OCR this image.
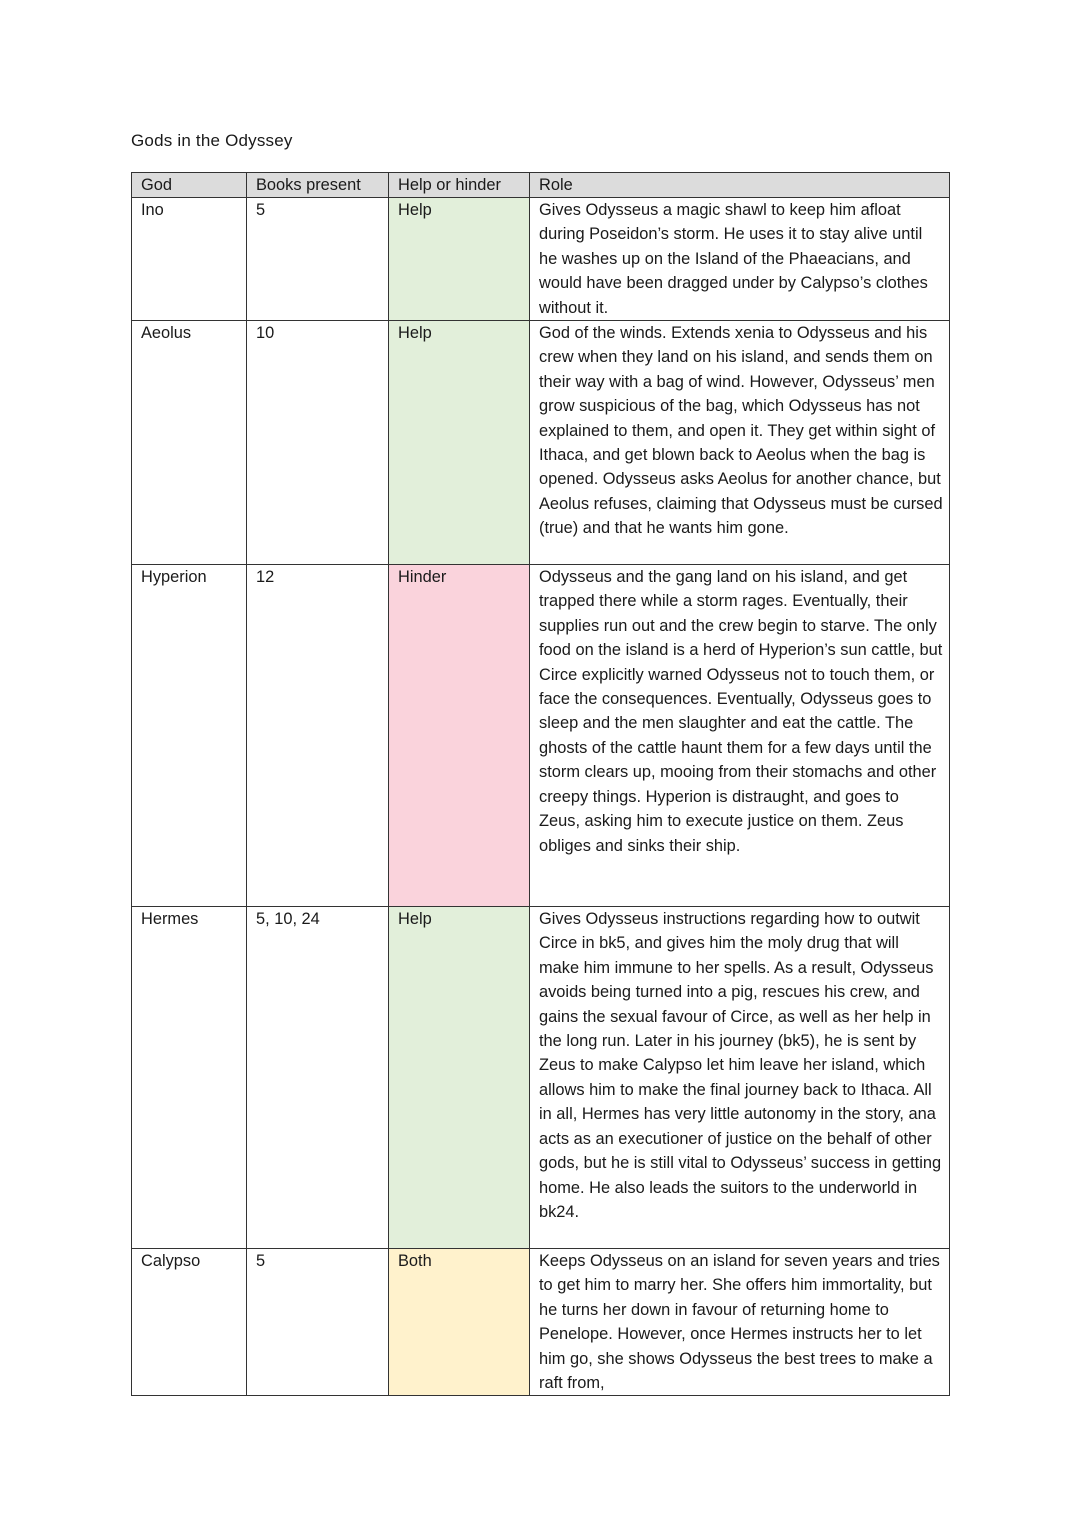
Gods in the Odyssey
God	Books present	Help or hinder	Role
Ino	5	Help	Gives Odysseus a magic shawl to keep him afloat during Poseidon’s storm. He uses it to stay alive until he washes up on the Island of the Phaeacians, and would have been dragged under by Calypso’s clothes without it.
Aeolus	10	Help	God of the winds. Extends xenia to Odysseus and his crew when they land on his island, and sends them on their way with a bag of wind. However, Odysseus’ men grow suspicious of the bag, which Odysseus has not explained to them, and open it. They get within sight of Ithaca, and get blown back to Aeolus when the bag is opened. Odysseus asks Aeolus for another chance, but Aeolus refuses, claiming that Odysseus must be cursed (true) and that he wants him gone.
Hyperion	12	Hinder	Odysseus and the gang land on his island, and get trapped there while a storm rages. Eventually, their supplies run out and the crew begin to starve. The only food on the island is a herd of Hyperion’s sun cattle, but Circe explicitly warned Odysseus not to touch them, or face the consequences. Eventually, Odysseus goes to sleep and the men slaughter and eat the cattle. The ghosts of the cattle haunt them for a few days until the storm clears up, mooing from their stomachs and other creepy things. Hyperion is distraught, and goes to Zeus, asking him to execute justice on them. Zeus obliges and sinks their ship.
Hermes	5, 10, 24	Help	Gives Odysseus instructions regarding how to outwit Circe in bk5, and gives him the moly drug that will make him immune to her spells. As a result, Odysseus avoids being turned into a pig, rescues his crew, and gains the sexual favour of Circe, as well as her help in the long run. Later in his journey (bk5), he is sent by Zeus to make Calypso let him leave her island, which allows him to make the final journey back to Ithaca. All in all, Hermes has very little autonomy in the story, ana acts as an executioner of justice on the behalf of other gods, but he is still vital to Odysseus’ success in getting home. He also leads the suitors to the underworld in bk24.
Calypso	5	Both	Keeps Odysseus on an island for seven years and tries to get him to marry her. She offers him immortality, but he turns her down in favour of returning home to Penelope. However, once Hermes instructs her to let him go, she shows Odysseus the best trees to make a raft from,
